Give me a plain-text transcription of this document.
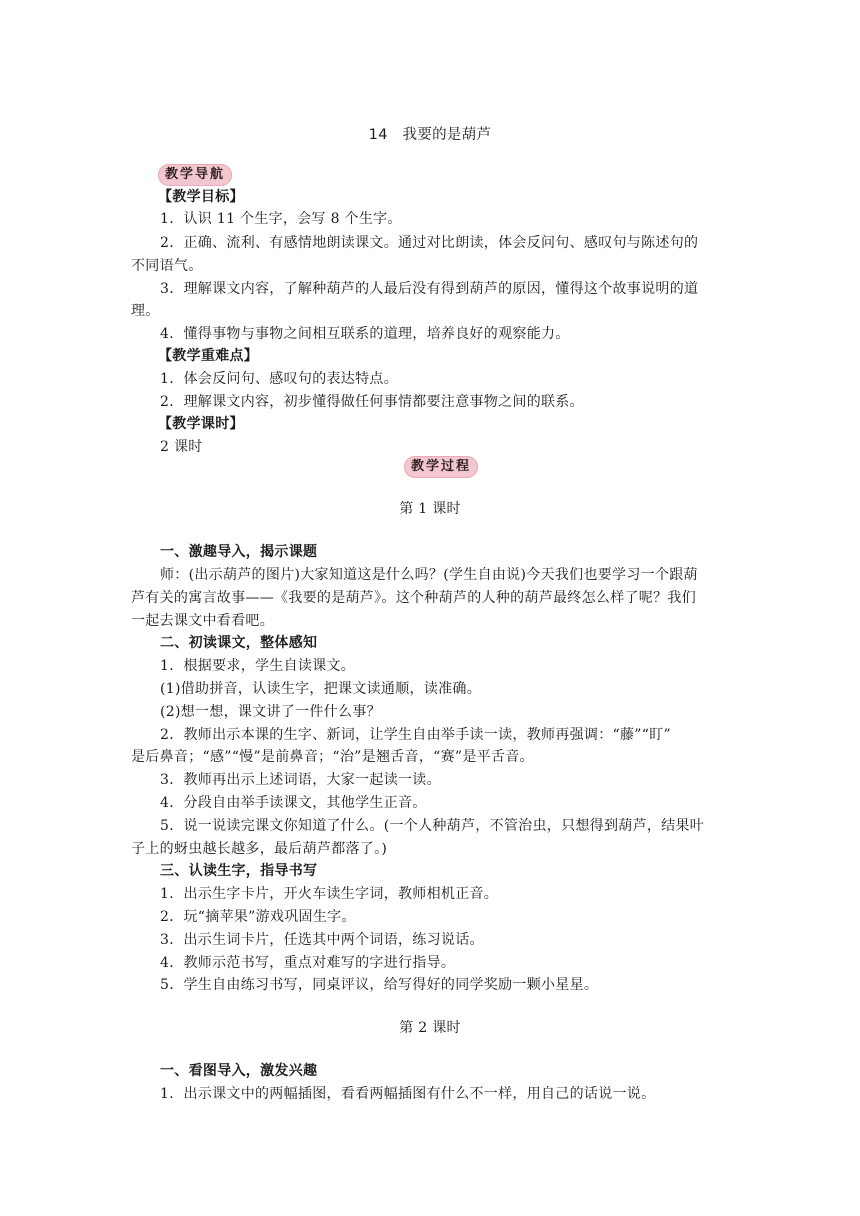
14　我要的是葫芦
教学导航
【教学目标】
1．认识 11 个生字，会写 8 个生字。
2．正确、流利、有感情地朗读课文。通过对比朗读，体会反问句、感叹句与陈述句的
不同语气。
3．理解课文内容，了解种葫芦的人最后没有得到葫芦的原因，懂得这个故事说明的道
理。
4．懂得事物与事物之间相互联系的道理，培养良好的观察能力。
【教学重难点】
1．体会反问句、感叹句的表达特点。
2．理解课文内容，初步懂得做任何事情都要注意事物之间的联系。
【教学课时】
2 课时
教学过程
第 1 课时
一、激趣导入，揭示课题
师：(出示葫芦的图片)大家知道这是什么吗？(学生自由说)今天我们也要学习一个跟葫
芦有关的寓言故事——《我要的是葫芦》。这个种葫芦的人种的葫芦最终怎么样了呢？我们
一起去课文中看看吧。
二、初读课文，整体感知
1．根据要求，学生自读课文。
(1)借助拼音，认读生字，把课文读通顺，读准确。
(2)想一想，课文讲了一件什么事？
2．教师出示本课的生字、新词，让学生自由举手读一读，教师再强调：“藤”“盯”
是后鼻音；“感”“慢”是前鼻音；“治”是翘舌音，“赛”是平舌音。
3．教师再出示上述词语，大家一起读一读。
4．分段自由举手读课文，其他学生正音。
5．说一说读完课文你知道了什么。(一个人种葫芦，不管治虫，只想得到葫芦，结果叶
子上的蚜虫越长越多，最后葫芦都落了。)
三、认读生字，指导书写
1．出示生字卡片，开火车读生字词，教师相机正音。
2．玩“摘苹果”游戏巩固生字。
3．出示生词卡片，任选其中两个词语，练习说话。
4．教师示范书写，重点对难写的字进行指导。
5．学生自由练习书写，同桌评议，给写得好的同学奖励一颗小星星。
第 2 课时
一、看图导入，激发兴趣
1．出示课文中的两幅插图，看看两幅插图有什么不一样，用自己的话说一说。
